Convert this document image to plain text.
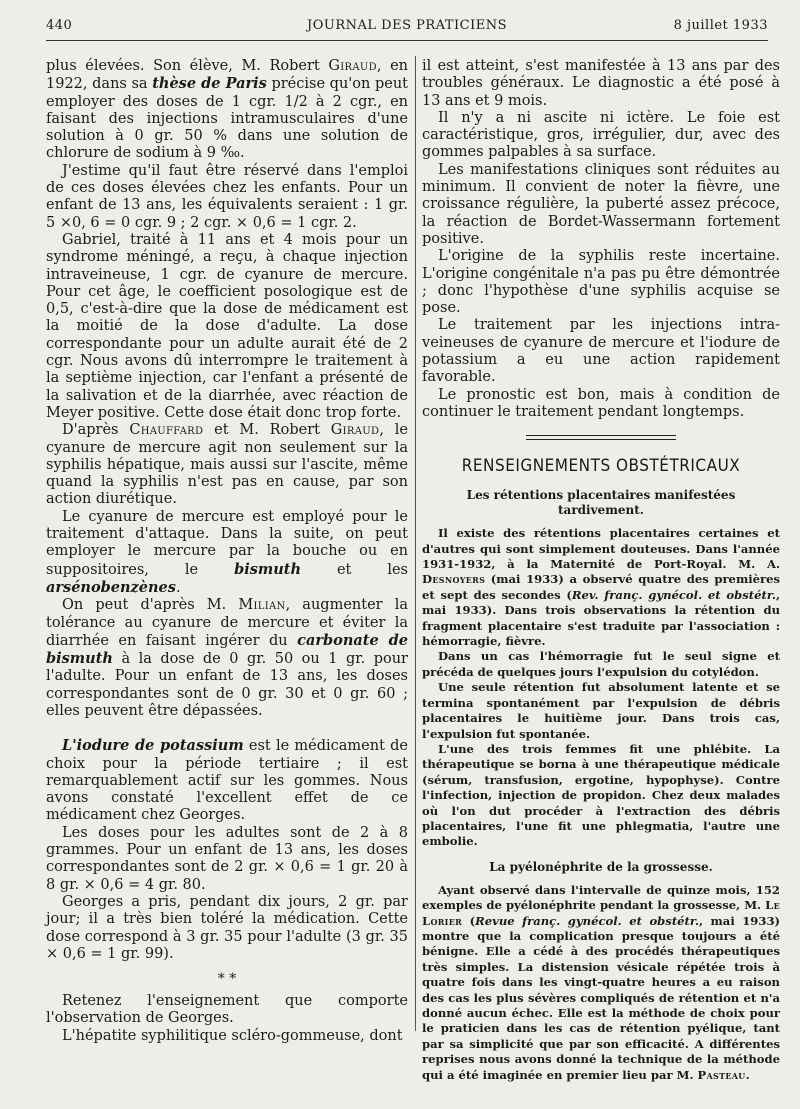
440	JOURNAL DES PRATICIENS	8 juillet 1933

plus élevées. Son élève, M. Robert Giraud, en 1922, dans sa thèse de Paris précise qu'on peut employer des doses de 1 cgr. 1/2 à 2 cgr., en faisant des injections intramusculaires d'une solution à 0 gr. 50 % dans une solution de chlorure de sodium à 9 ‰.

J'estime qu'il faut être réservé dans l'emploi de ces doses élevées chez les enfants. Pour un enfant de 13 ans, les équivalents seraient : 1 gr. 5 ×0, 6 = 0 cgr. 9 ; 2 cgr. × 0,6 = 1 cgr. 2.

Gabriel, traité à 11 ans et 4 mois pour un syndrome méningé, a reçu, à chaque injection intraveineuse, 1 cgr. de cyanure de mercure. Pour cet âge, le coefficient posologique est de 0,5, c'est-à-dire que la dose de médicament est la moitié de la dose d'adulte. La dose correspondante pour un adulte aurait été de 2 cgr. Nous avons dû interrompre le traitement à la septième injection, car l'enfant a présenté de la salivation et de la diarrhée, avec réaction de Meyer positive. Cette dose était donc trop forte.

D'après Chauffard et M. Robert Giraud, le cyanure de mercure agit non seulement sur la syphilis hépatique, mais aussi sur l'ascite, même quand la syphilis n'est pas en cause, par son action diurétique.

Le cyanure de mercure est employé pour le traitement d'attaque. Dans la suite, on peut employer le mercure par la bouche ou en suppositoires, le bismuth et les arsénobenzènes.

On peut d'après M. Milian, augmenter la tolérance au cyanure de mercure et éviter la diarrhée en faisant ingérer du carbonate de bismuth à la dose de 0 gr. 50 ou 1 gr. pour l'adulte. Pour un enfant de 13 ans, les doses correspondantes sont de 0 gr. 30 et 0 gr. 60 ; elles peuvent être dépassées.

L'iodure de potassium est le médicament de choix pour la période tertiaire ; il est remarquablement actif sur les gommes. Nous avons constaté l'excellent effet de ce médicament chez Georges.

Les doses pour les adultes sont de 2 à 8 grammes. Pour un enfant de 13 ans, les doses correspondantes sont de 2 gr. × 0,6 = 1 gr. 20 à 8 gr. × 0,6 = 4 gr. 80.

Georges a pris, pendant dix jours, 2 gr. par jour; il a très bien toléré la médication. Cette dose correspond à 3 gr. 35 pour l'adulte (3 gr. 35 × 0,6 = 1 gr. 99).

* *

Retenez l'enseignement que comporte l'observation de Georges.

L'hépatite syphilitique scléro-gommeuse, dont

il est atteint, s'est manifestée à 13 ans par des troubles généraux. Le diagnostic a été posé à 13 ans et 9 mois.

Il n'y a ni ascite ni ictère. Le foie est caractéristique, gros, irrégulier, dur, avec des gommes palpables à sa surface.

Les manifestations cliniques sont réduites au minimum. Il convient de noter la fièvre, une croissance régulière, la puberté assez précoce, la réaction de Bordet-Wassermann fortement positive.

L'origine de la syphilis reste incertaine. L'origine congénitale n'a pas pu être démontrée ; donc l'hypothèse d'une syphilis acquise se pose.

Le traitement par les injections intra-veineuses de cyanure de mercure et l'iodure de potassium a eu une action rapidement favorable.

Le pronostic est bon, mais à condition de continuer le traitement pendant longtemps.

RENSEIGNEMENTS OBSTÉTRICAUX
Les rétentions placentaires manifestées tardivement.

Il existe des rétentions placentaires certaines et d'autres qui sont simplement douteuses. Dans l'année 1931-1932, à la Maternité de Port-Royal. M. A. Desnoyers (mai 1933) a observé quatre des premières et sept des secondes (Rev. franç. gynécol. et obstétr., mai 1933). Dans trois observations la rétention du fragment placentaire s'est traduite par l'association : hémorragie, fièvre.

Dans un cas l'hémorragie fut le seul signe et précéda de quelques jours l'expulsion du cotylédon.

Une seule rétention fut absolument latente et se termina spontanément par l'expulsion de débris placentaires le huitième jour. Dans trois cas, l'expulsion fut spontanée.

L'une des trois femmes fit une phlébite. La thérapeutique se borna à une thérapeutique médicale (sérum, transfusion, ergotine, hypophyse). Contre l'infection, injection de propidon. Chez deux malades où l'on dut procéder à l'extraction des débris placentaires, l'une fit une phlegmatia, l'autre une embolie.

La pyélonéphrite de la grossesse.

Ayant observé dans l'intervalle de quinze mois, 152 exemples de pyélonéphrite pendant la grossesse, M. Le Lorier (Revue franç. gynécol. et obstétr., mai 1933) montre que la complication presque toujours a été bénigne. Elle a cédé à des procédés thérapeutiques très simples. La distension vésicale répétée trois à quatre fois dans les vingt-quatre heures a eu raison des cas les plus sévères compliqués de rétention et n'a donné aucun échec. Elle est la méthode de choix pour le praticien dans les cas de rétention pyélique, tant par sa simplicité que par son efficacité. A différentes reprises nous avons donné la technique de la méthode qui a été imaginée en premier lieu par M. Pasteau.
